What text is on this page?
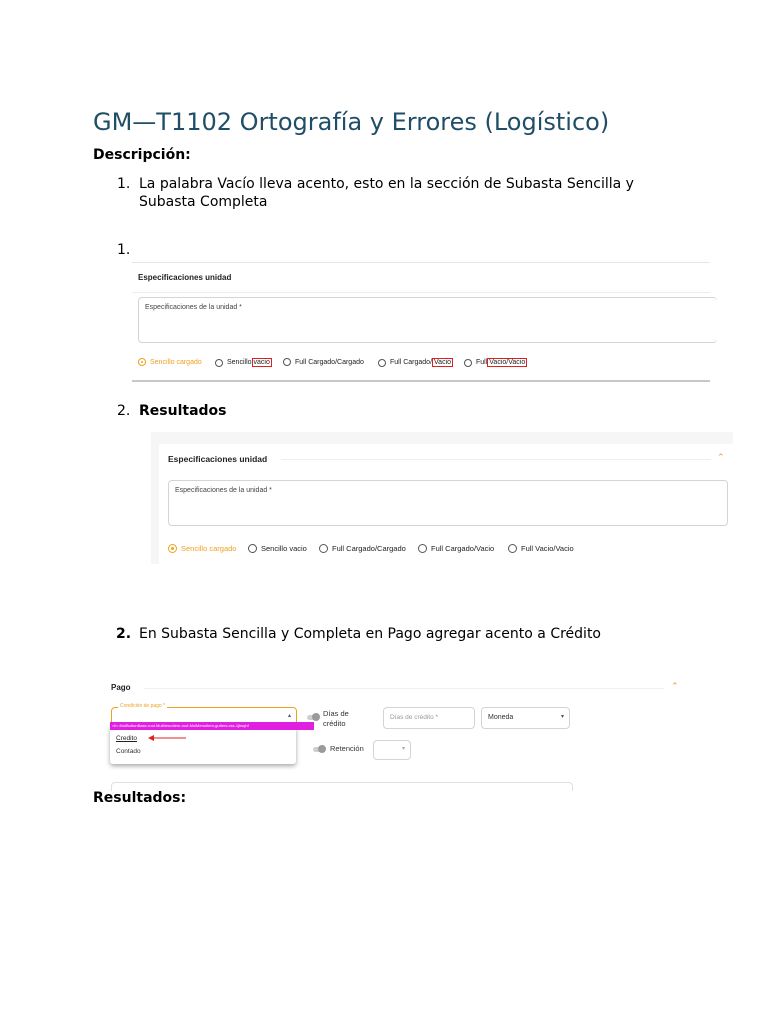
GM—T1102 Ortografía y Errores (Logístico)
Descripción:
1. La palabra Vacío lleva acento, esto en la sección de Subasta Sencilla y
Subasta Completa
1.
Especificaciones unidad
Especificaciones de la unidad *
Sencillo cargado	Sencillo vacio	Full Cargado/Cargado	Full Cargado/ Vacio	Full Vacio/Vacio
2. Resultados
Especificaciones unidad	⌃
Especificaciones de la unidad *
Sencillo cargado	Sencillo vacio	Full Cargado/Cargado	Full Cargado/Vacio	Full Vacio/Vacio
2. En Subasta Sencilla y Completa en Pago agregar acento a Crédito
Pago	⌃
Condición de pago *
▴
Credito
Contado
<li>.MuiButtonBase-root.MuiMenuItem-root.MuiMenuItem-gutters.css-1jhsqhf
Días de
crédito
Días de crédito *	Moneda	▾
Retención	▾
Resultados:
